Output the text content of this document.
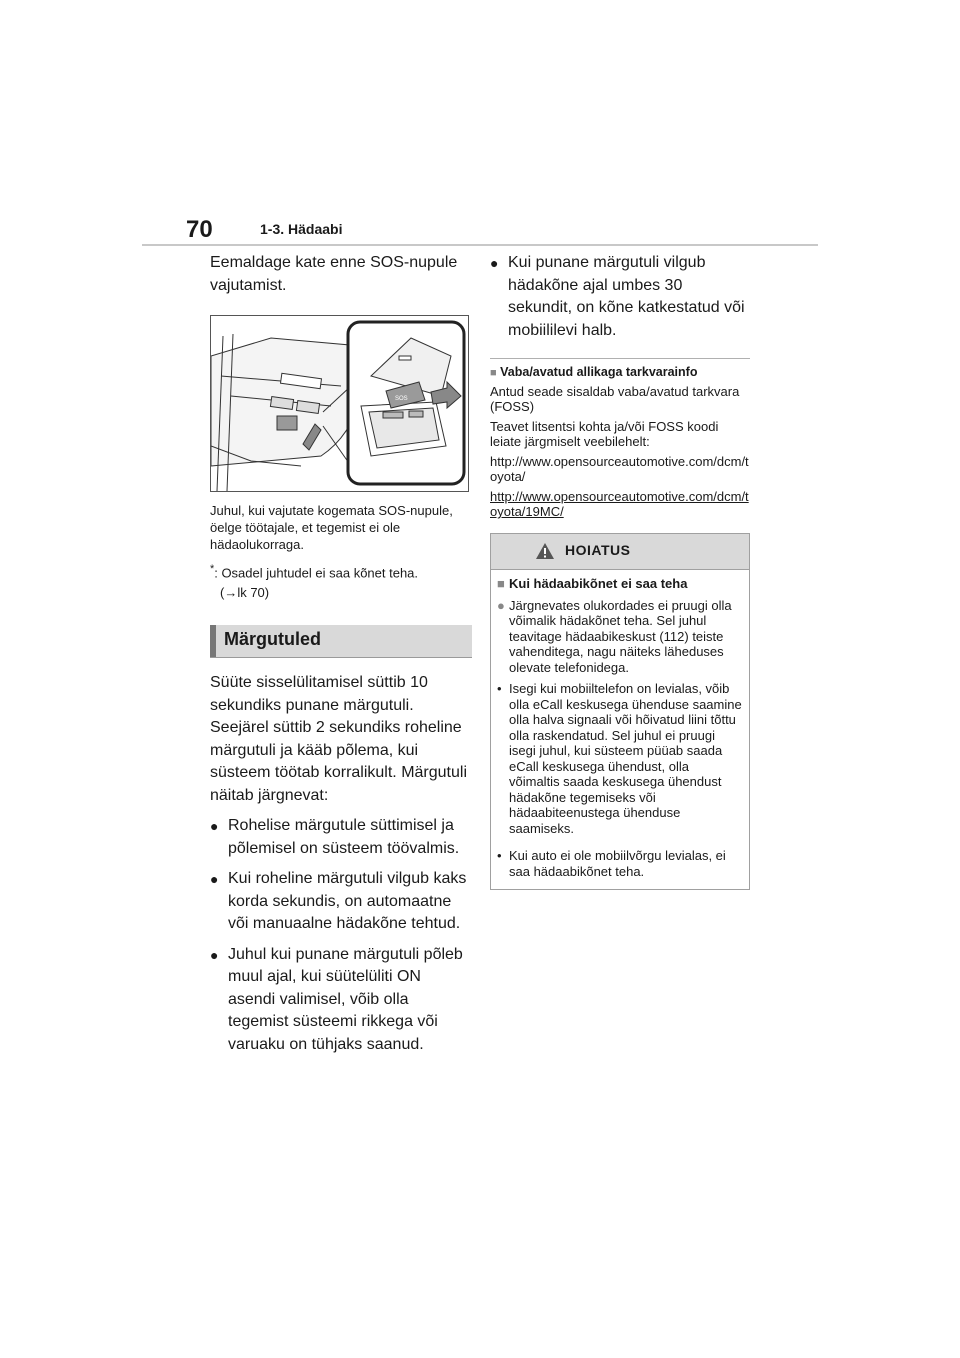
70	1-3. Hädaabi

Eemaldage kate enne SOS-nupule vajutamist.

SOS

Juhul, kui vajutate kogemata SOS-nupule, öelge töötajale, et tegemist ei ole hädaolukorraga.

*: Osadel juhtudel ei saa kõnet teha.
(→lk 70)

Märgutuled

Süüte sisselülitamisel süttib 10 sekundiks punane märgutuli. Seejärel süttib 2 sekundiks roheline märgutuli ja kääb põlema, kui süsteem töötab korralikult. Märgutuli näitab järgnevat:

● Rohelise märgutule süttimisel ja põlemisel on süsteem töövalmis.
● Kui roheline märgutuli vilgub kaks korda sekundis, on automaatne või manuaalne hädakõne tehtud.
● Juhul kui punane märgutuli põleb muul ajal, kui süütelüliti ON asendi valimisel, võib olla tegemist süsteemi rikkega või varuaku on tühjaks saanud.
● Kui punane märgutuli vilgub hädakõne ajal umbes 30 sekundit, on kõne katkestatud või mobiililevi halb.
■ Vaba/avatud allikaga tarkvarainfo

Antud seade sisaldab vaba/avatud tarkvara (FOSS)

Teavet litsentsi kohta ja/või FOSS koodi leiate järgmiselt veebilehelt:

http://www.opensourceautomotive.com/dcm/toyota/

http://www.opensourceautomotive.com/dcm/toyota/19MC/

HOIATUS
■ Kui hädaabikõnet ei saa teha
● Järgnevates olukordades ei pruugi olla võimalik hädakõnet teha. Sel juhul teavitage hädaabikeskust (112) teiste vahenditega, nagu näiteks läheduses olevate telefonidega.
• Isegi kui mobiiltelefon on levialas, võib olla eCall keskusega ühenduse saamine olla halva signaali või hõivatud liini tõttu olla raskendatud. Sel juhul ei pruugi isegi juhul, kui süsteem püüab saada eCall keskusega ühendust, olla võimaltis saada keskusega ühendust hädakõne tegemiseks või hädaabiteenustega ühenduse saamiseks.
• Kui auto ei ole mobiilvõrgu levialas, ei saa hädaabikõnet teha.
